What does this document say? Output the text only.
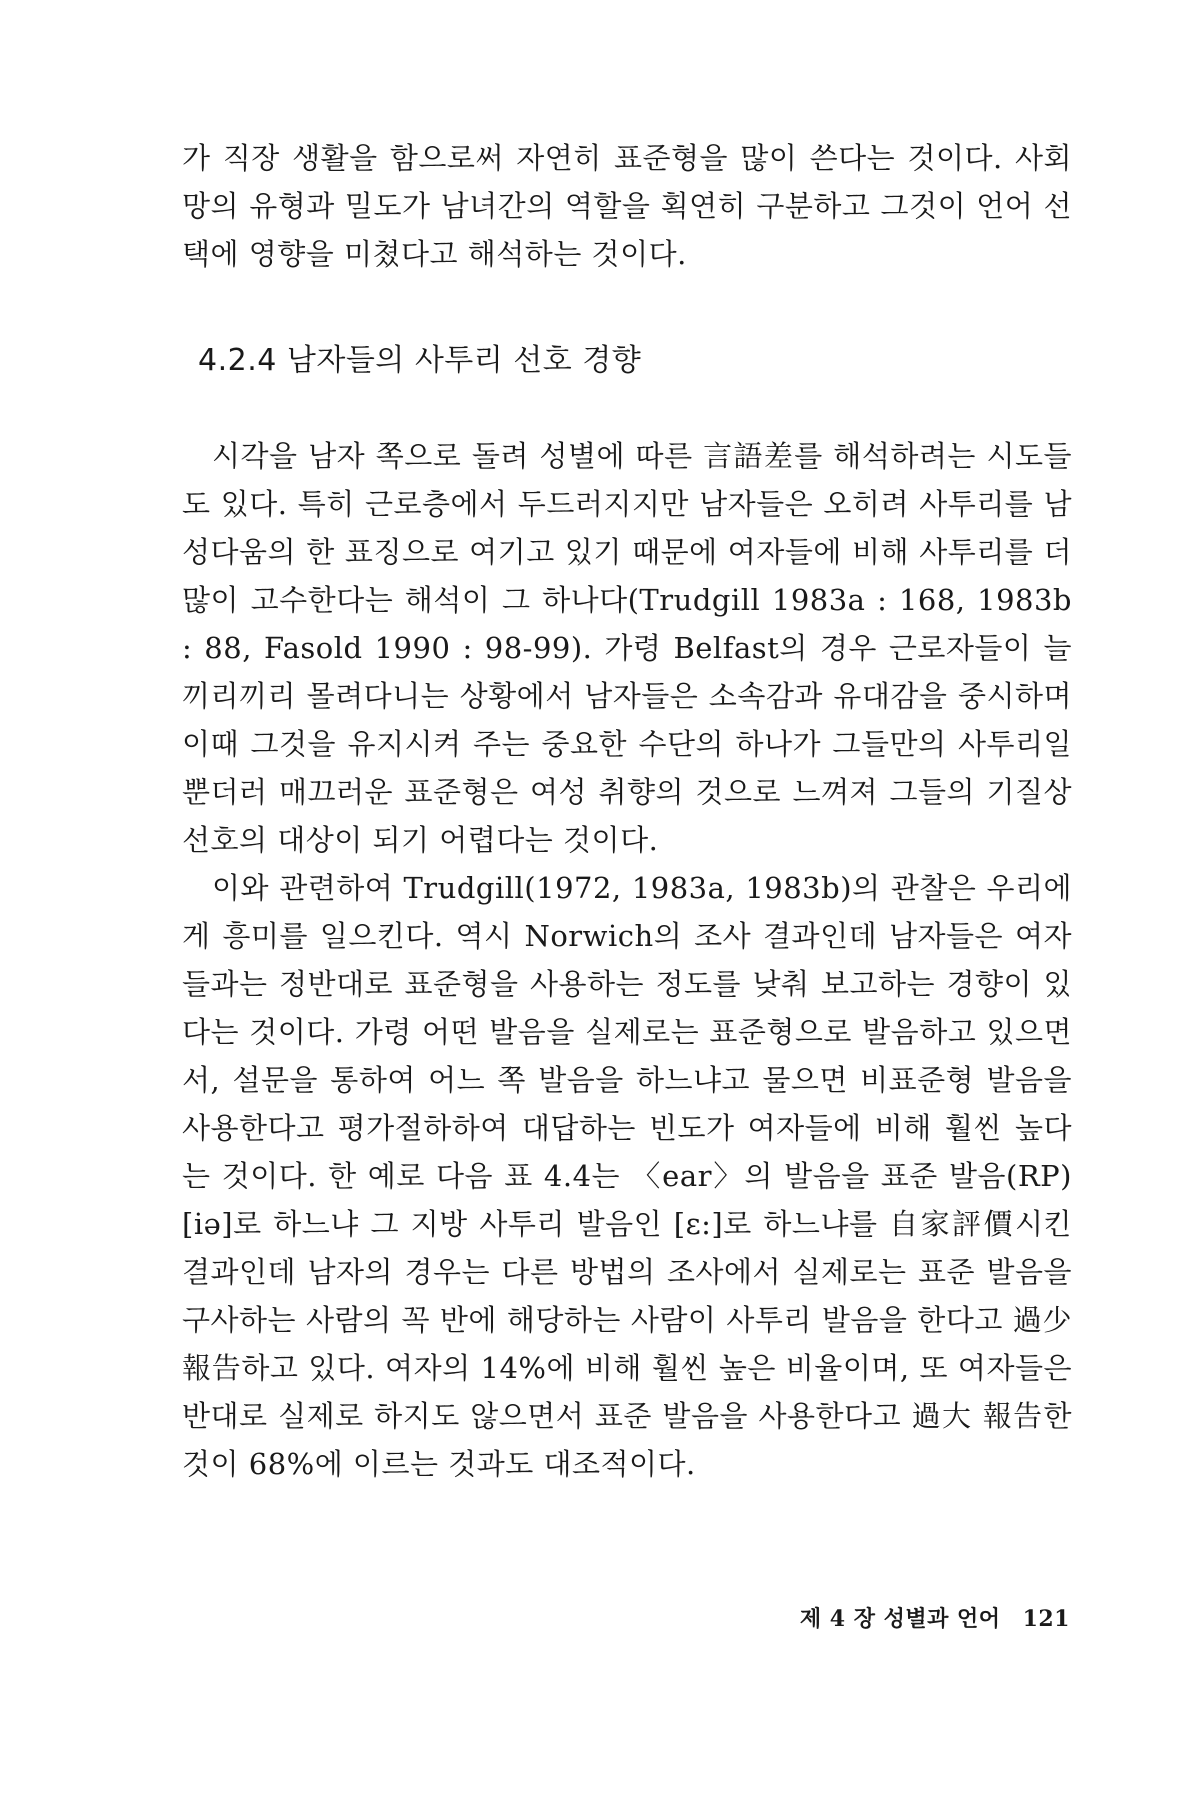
가 직장 생활을 함으로써 자연히 표준형을 많이 쓴다는 것이다. 사회망의 유형과 밀도가 남녀간의 역할을 획연히 구분하고 그것이 언어 선택에 영향을 미쳤다고 해석하는 것이다.

4.2.4 남자들의 사투리 선호 경향

시각을 남자 쪽으로 돌려 성별에 따른 言語差를 해석하려는 시도들도 있다. 특히 근로층에서 두드러지지만 남자들은 오히려 사투리를 남성다움의 한 표징으로 여기고 있기 때문에 여자들에 비해 사투리를 더 많이 고수한다는 해석이 그 하나다(Trudgill 1983a : 168, 1983b : 88, Fasold 1990 : 98-99). 가령 Belfast의 경우 근로자들이 늘 끼리끼리 몰려다니는 상황에서 남자들은 소속감과 유대감을 중시하며 이때 그것을 유지시켜 주는 중요한 수단의 하나가 그들만의 사투리일 뿐더러 매끄러운 표준형은 여성 취향의 것으로 느껴져 그들의 기질상 선호의 대상이 되기 어렵다는 것이다.

이와 관련하여 Trudgill(1972, 1983a, 1983b)의 관찰은 우리에게 흥미를 일으킨다. 역시 Norwich의 조사 결과인데 남자들은 여자들과는 정반대로 표준형을 사용하는 정도를 낮춰 보고하는 경향이 있다는 것이다. 가령 어떤 발음을 실제로는 표준형으로 발음하고 있으면서, 설문을 통하여 어느 쪽 발음을 하느냐고 물으면 비표준형 발음을 사용한다고 평가절하하여 대답하는 빈도가 여자들에 비해 훨씬 높다는 것이다. 한 예로 다음 표 4.4는 〈ear〉의 발음을 표준 발음(RP) [iə]로 하느냐 그 지방 사투리 발음인 [ɛ:]로 하느냐를 自家評價시킨 결과인데 남자의 경우는 다른 방법의 조사에서 실제로는 표준 발음을 구사하는 사람의 꼭 반에 해당하는 사람이 사투리 발음을 한다고 過少 報告하고 있다. 여자의 14%에 비해 훨씬 높은 비율이며, 또 여자들은 반대로 실제로 하지도 않으면서 표준 발음을 사용한다고 過大 報告한 것이 68%에 이르는 것과도 대조적이다.

제 4 장 성별과 언어 121
